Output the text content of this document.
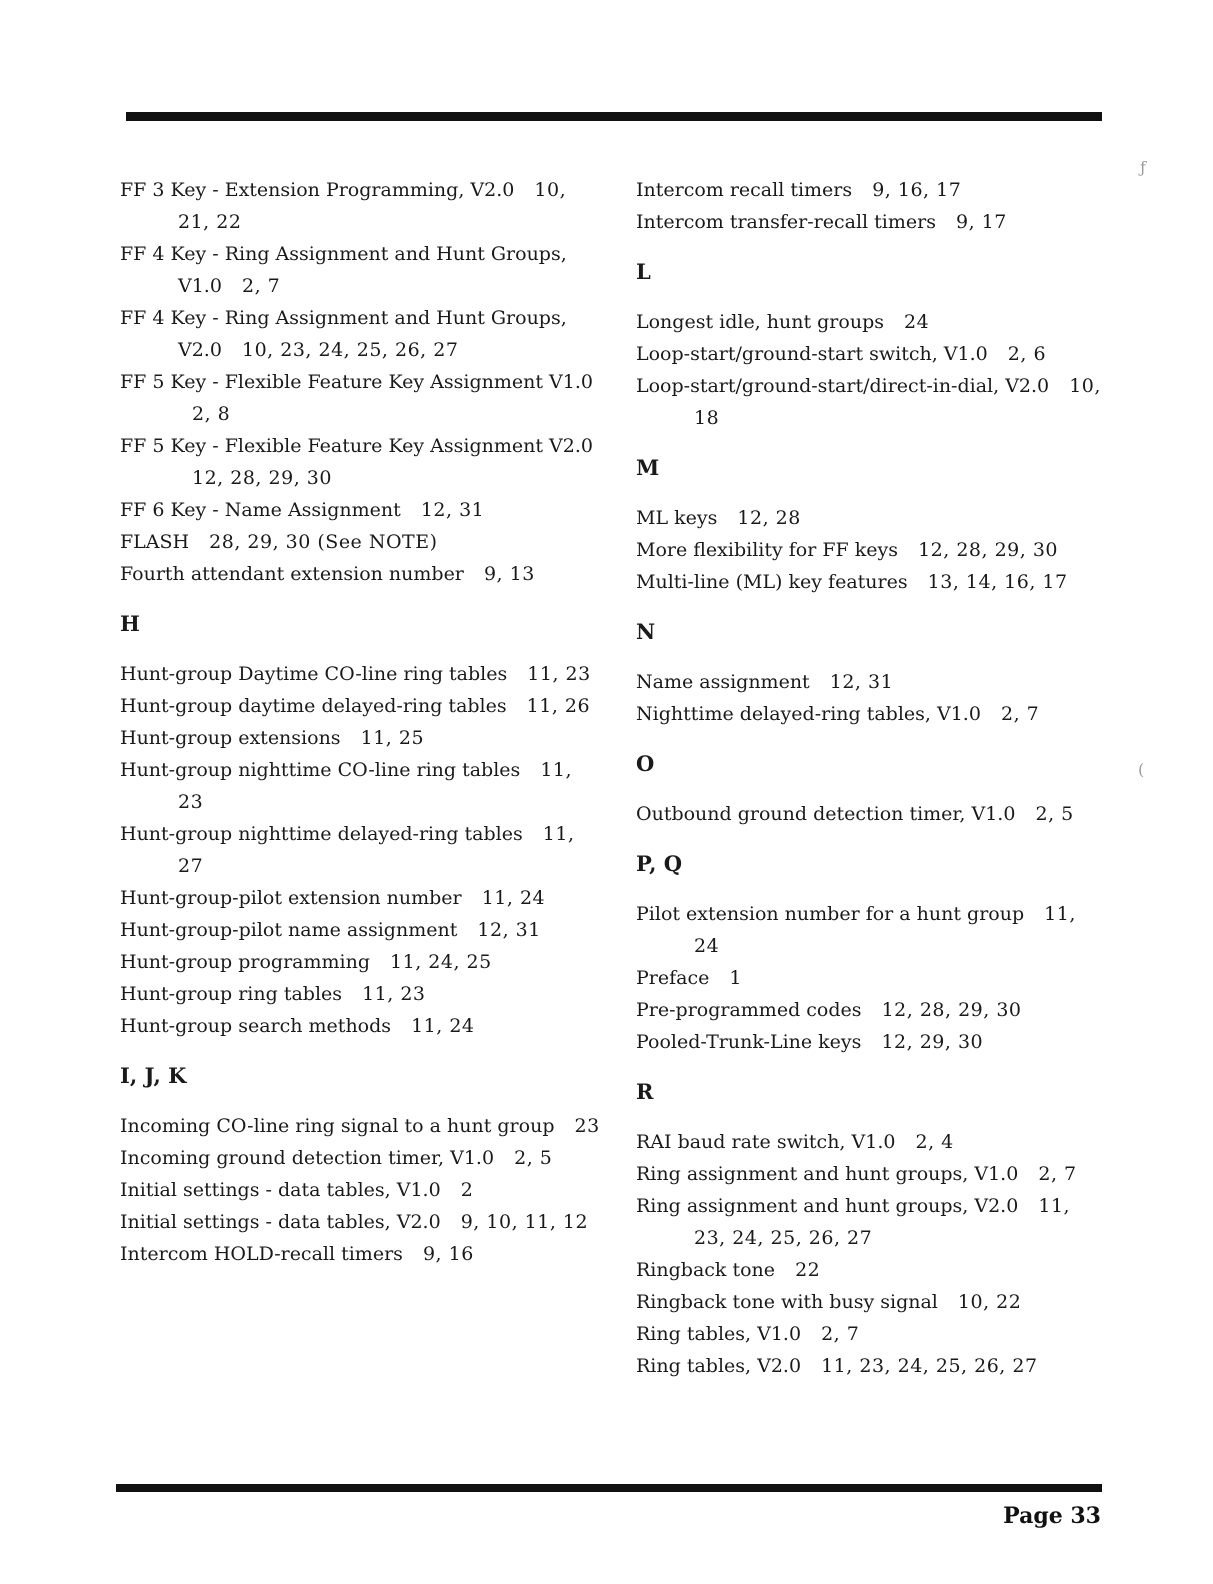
FF 3 Key - Extension Programming, V2.0 10, 21, 22

FF 4 Key - Ring Assignment and Hunt Groups, V1.0 2, 7

FF 4 Key - Ring Assignment and Hunt Groups, V2.0 10, 23, 24, 25, 26, 27

FF 5 Key - Flexible Feature Key Assignment V1.0 2, 8

FF 5 Key - Flexible Feature Key Assignment V2.0 12, 28, 29, 30

FF 6 Key - Name Assignment 12, 31

FLASH 28, 29, 30 (See NOTE)

Fourth attendant extension number 9, 13

H

Hunt-group Daytime CO-line ring tables 11, 23

Hunt-group daytime delayed-ring tables 11, 26

Hunt-group extensions 11, 25

Hunt-group nighttime CO-line ring tables 11, 23

Hunt-group nighttime delayed-ring tables 11, 27

Hunt-group-pilot extension number 11, 24

Hunt-group-pilot name assignment 12, 31

Hunt-group programming 11, 24, 25

Hunt-group ring tables 11, 23

Hunt-group search methods 11, 24

I, J, K

Incoming CO-line ring signal to a hunt group 23

Incoming ground detection timer, V1.0 2, 5

Initial settings - data tables, V1.0 2

Initial settings - data tables, V2.0 9, 10, 11, 12

Intercom HOLD-recall timers 9, 16

Intercom recall timers 9, 16, 17

Intercom transfer-recall timers 9, 17

L

Longest idle, hunt groups 24

Loop-start/ground-start switch, V1.0 2, 6

Loop-start/ground-start/direct-in-dial, V2.0 10, 18

M

ML keys 12, 28

More flexibility for FF keys 12, 28, 29, 30

Multi-line (ML) key features 13, 14, 16, 17

N

Name assignment 12, 31

Nighttime delayed-ring tables, V1.0 2, 7

O

Outbound ground detection timer, V1.0 2, 5

P, Q

Pilot extension number for a hunt group 11, 24

Preface 1

Pre-programmed codes 12, 28, 29, 30

Pooled-Trunk-Line keys 12, 29, 30

R

RAI baud rate switch, V1.0 2, 4

Ring assignment and hunt groups, V1.0 2, 7

Ring assignment and hunt groups, V2.0 11, 23, 24, 25, 26, 27

Ringback tone 22

Ringback tone with busy signal 10, 22

Ring tables, V1.0 2, 7

Ring tables, V2.0 11, 23, 24, 25, 26, 27

ƒ
(
Page 33
